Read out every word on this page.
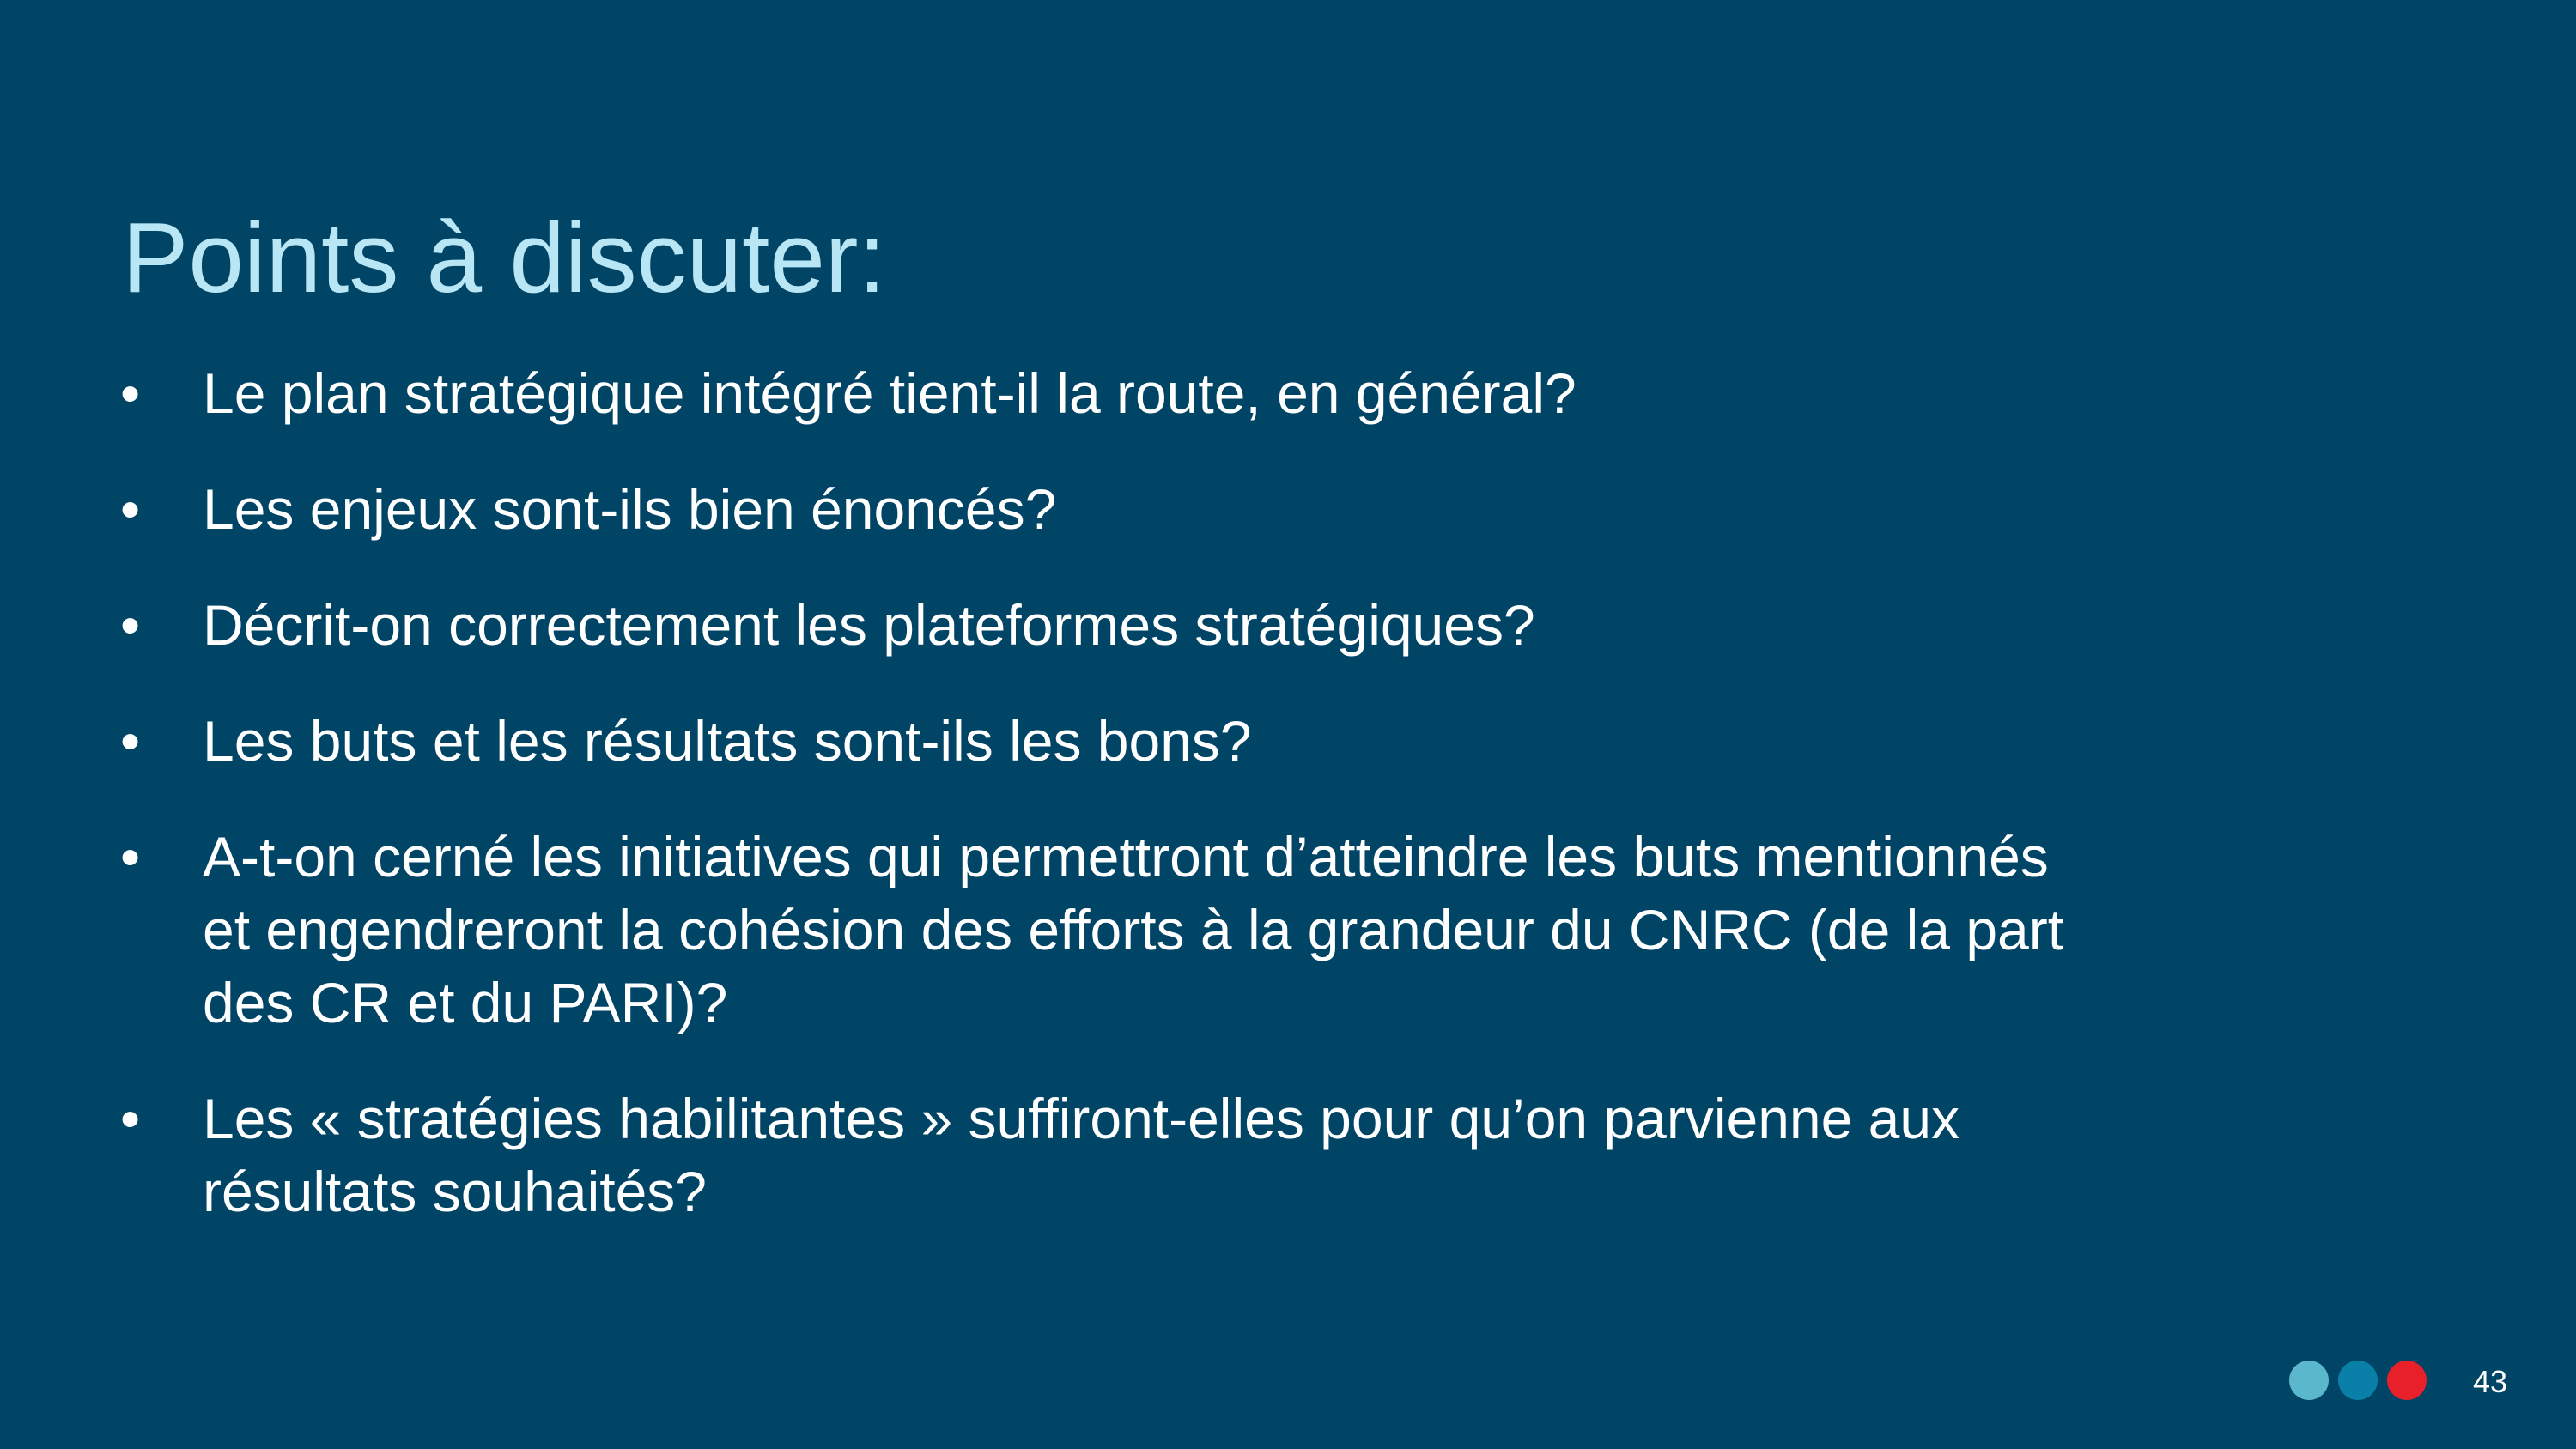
Points à discuter:
• Le plan stratégique intégré tient-il la route, en général?
• Les enjeux sont-ils bien énoncés?
• Décrit-on correctement les plateformes stratégiques?
• Les buts et les résultats sont-ils les bons?
• A-t-on cerné les initiatives qui permettront d’atteindre les buts mentionnés et engendreront la cohésion des efforts à la grandeur du CNRC (de la part des CR et du PARI)?
• Les « stratégies habilitantes » suffiront-elles pour qu’on parvienne aux résultats souhaités?
43
